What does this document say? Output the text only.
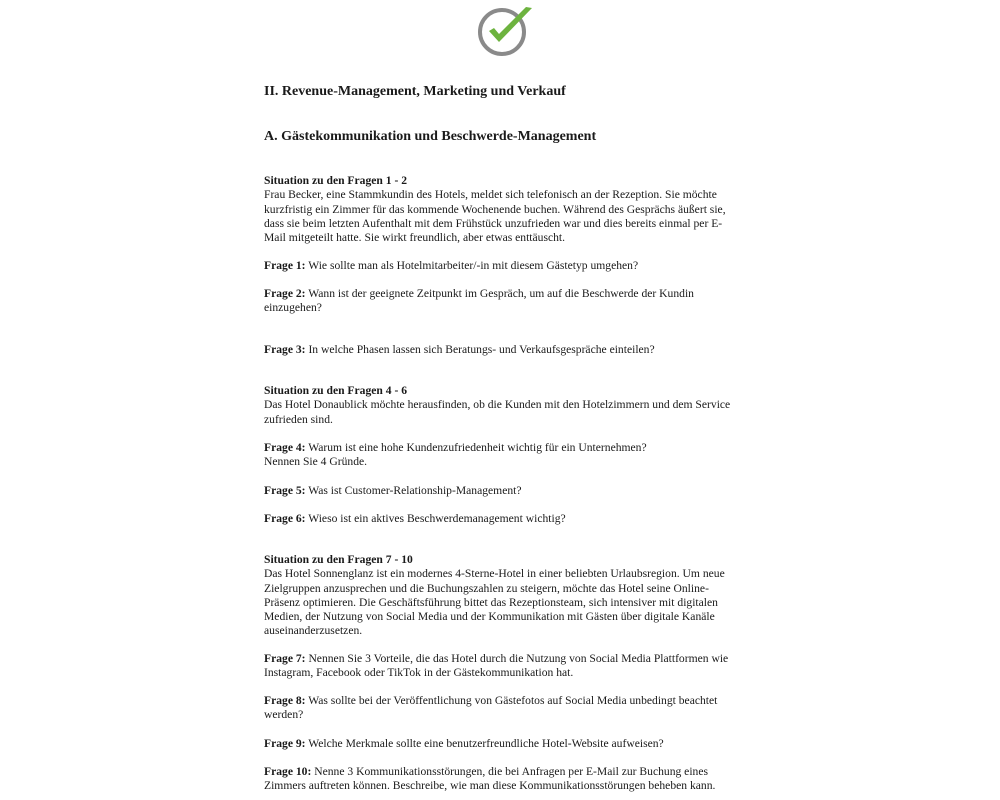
II. Revenue-Management, Marketing und Verkauf
A. Gästekommunikation und Beschwerde-Management
Situation zu den Fragen 1 - 2
Frau Becker, eine Stammkundin des Hotels, meldet sich telefonisch an der Rezeption. Sie möchte kurzfristig ein Zimmer für das kommende Wochenende buchen. Während des Gesprächs äußert sie, dass sie beim letzten Aufenthalt mit dem Frühstück unzufrieden war und dies bereits einmal per E-Mail mitgeteilt hatte. Sie wirkt freundlich, aber etwas enttäuscht.
Frage 1: Wie sollte man als Hotelmitarbeiter/-in mit diesem Gästetyp umgehen?
Frage 2: Wann ist der geeignete Zeitpunkt im Gespräch, um auf die Beschwerde der Kundin einzugehen?
Frage 3: In welche Phasen lassen sich Beratungs- und Verkaufsgespräche einteilen?
Situation zu den Fragen 4 - 6
Das Hotel Donaublick möchte herausfinden, ob die Kunden mit den Hotelzimmern und dem Service zufrieden sind.
Frage 4: Warum ist eine hohe Kundenzufriedenheit wichtig für ein Unternehmen?
Nennen Sie 4 Gründe.
Frage 5: Was ist Customer-Relationship-Management?
Frage 6: Wieso ist ein aktives Beschwerdemanagement wichtig?
Situation zu den Fragen 7 - 10
Das Hotel Sonnenglanz ist ein modernes 4-Sterne-Hotel in einer beliebten Urlaubsregion. Um neue Zielgruppen anzusprechen und die Buchungszahlen zu steigern, möchte das Hotel seine Online-Präsenz optimieren. Die Geschäftsführung bittet das Rezeptionsteam, sich intensiver mit digitalen Medien, der Nutzung von Social Media und der Kommunikation mit Gästen über digitale Kanäle auseinanderzusetzen.
Frage 7: Nennen Sie 3 Vorteile, die das Hotel durch die Nutzung von Social Media Plattformen wie Instagram, Facebook oder TikTok in der Gästekommunikation hat.
Frage 8: Was sollte bei der Veröffentlichung von Gästefotos auf Social Media unbedingt beachtet werden?
Frage 9: Welche Merkmale sollte eine benutzerfreundliche Hotel-Website aufweisen?
Frage 10: Nenne 3 Kommunikationsstörungen, die bei Anfragen per E-Mail zur Buchung eines Zimmers auftreten können. Beschreibe, wie man diese Kommunikationsstörungen beheben kann.
